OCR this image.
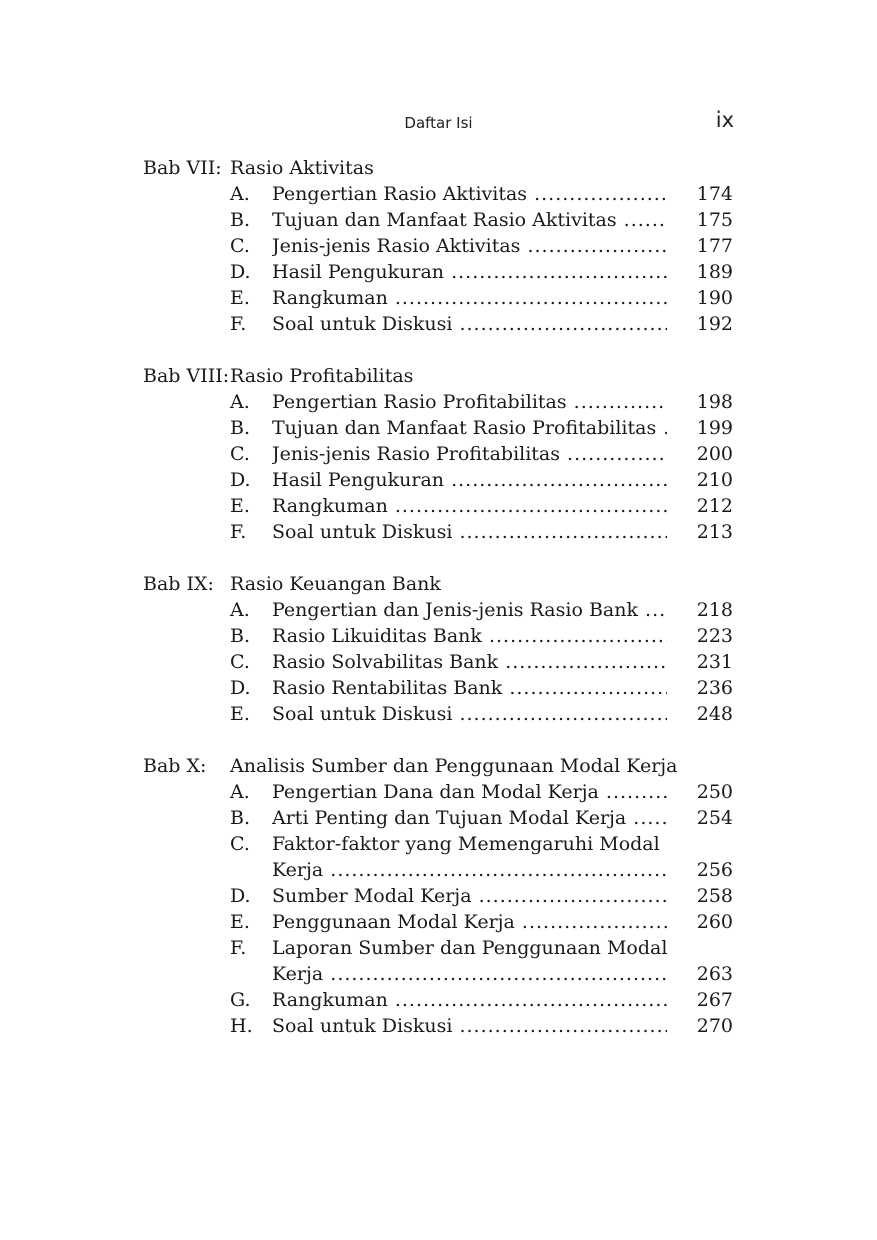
Daftar Isi	ix
Bab VII: Rasio Aktivitas
A. Pengertian Rasio Aktivitas .....	174
B. Tujuan dan Manfaat Rasio Aktivitas .....	175
C. Jenis-jenis Rasio Aktivitas .....	177
D. Hasil Pengukuran .....	189
E. Rangkuman .....	190
F. Soal untuk Diskusi .....	192
Bab VIII: Rasio Profitabilitas
A. Pengertian Rasio Profitabilitas .....	198
B. Tujuan dan Manfaat Rasio Profitabilitas .....	199
C. Jenis-jenis Rasio Profitabilitas .....	200
D. Hasil Pengukuran .....	210
E. Rangkuman .....	212
F. Soal untuk Diskusi .....	213
Bab IX: Rasio Keuangan Bank
A. Pengertian dan Jenis-jenis Rasio Bank .....	218
B. Rasio Likuiditas Bank .....	223
C. Rasio Solvabilitas Bank .....	231
D. Rasio Rentabilitas Bank .....	236
E. Soal untuk Diskusi .....	248
Bab X: Analisis Sumber dan Penggunaan Modal Kerja
A. Pengertian Dana dan Modal Kerja .....	250
B. Arti Penting dan Tujuan Modal Kerja .....	254
C. Faktor-faktor yang Memengaruhi Modal
Kerja .....	256
D. Sumber Modal Kerja .....	258
E. Penggunaan Modal Kerja .....	260
F. Laporan Sumber dan Penggunaan Modal
Kerja .....	263
G. Rangkuman .....	267
H. Soal untuk Diskusi .....	270
